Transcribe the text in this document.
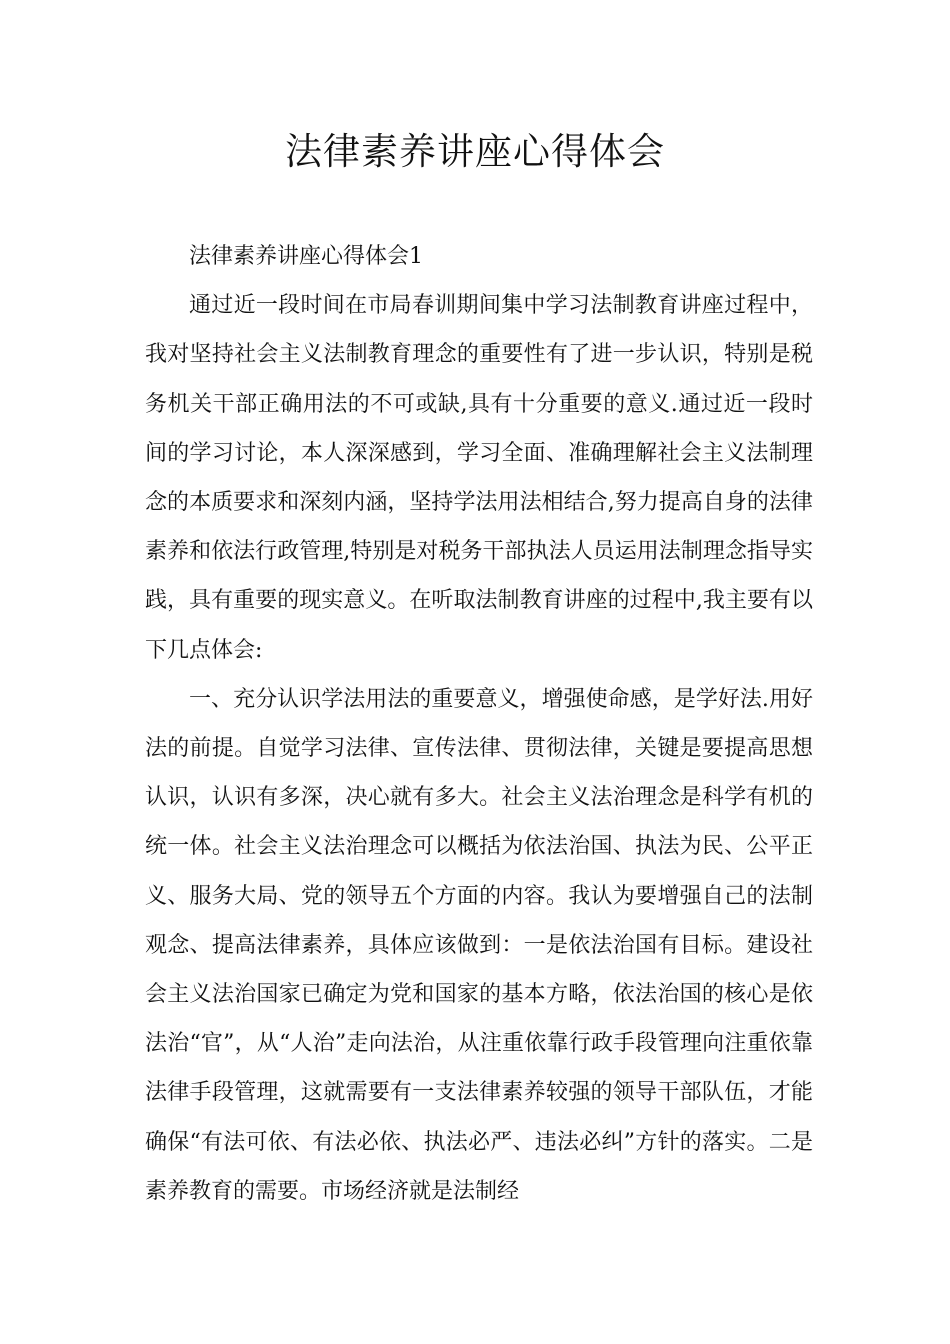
法律素养讲座心得体会

法律素养讲座心得体会1

通过近一段时间在市局春训期间集中学习法制教育讲座过程中，我对坚持社会主义法制教育理念的重要性有了进一步认识，特别是税务机关干部正确用法的不可或缺,具有十分重要的意义.通过近一段时间的学习讨论，本人深深感到，学习全面、准确理解社会主义法制理念的本质要求和深刻内涵，坚持学法用法相结合,努力提高自身的法律素养和依法行政管理,特别是对税务干部执法人员运用法制理念指导实践，具有重要的现实意义。在听取法制教育讲座的过程中,我主要有以下几点体会:

一、充分认识学法用法的重要意义，增强使命感，是学好法.用好法的前提。自觉学习法律、宣传法律、贯彻法律，关键是要提高思想认识，认识有多深，决心就有多大。社会主义法治理念是科学有机的统一体。社会主义法治理念可以概括为依法治国、执法为民、公平正义、服务大局、党的领导五个方面的内容。我认为要增强自己的法制观念、提高法律素养，具体应该做到：一是依法治国有目标。建设社会主义法治国家已确定为党和国家的基本方略，依法治国的核心是依法治“官”，从“人治”走向法治，从注重依靠行政手段管理向注重依靠法律手段管理，这就需要有一支法律素养较强的领导干部队伍，才能确保“有法可依、有法必依、执法必严、违法必纠”方针的落实。二是素养教育的需要。市场经济就是法制经
